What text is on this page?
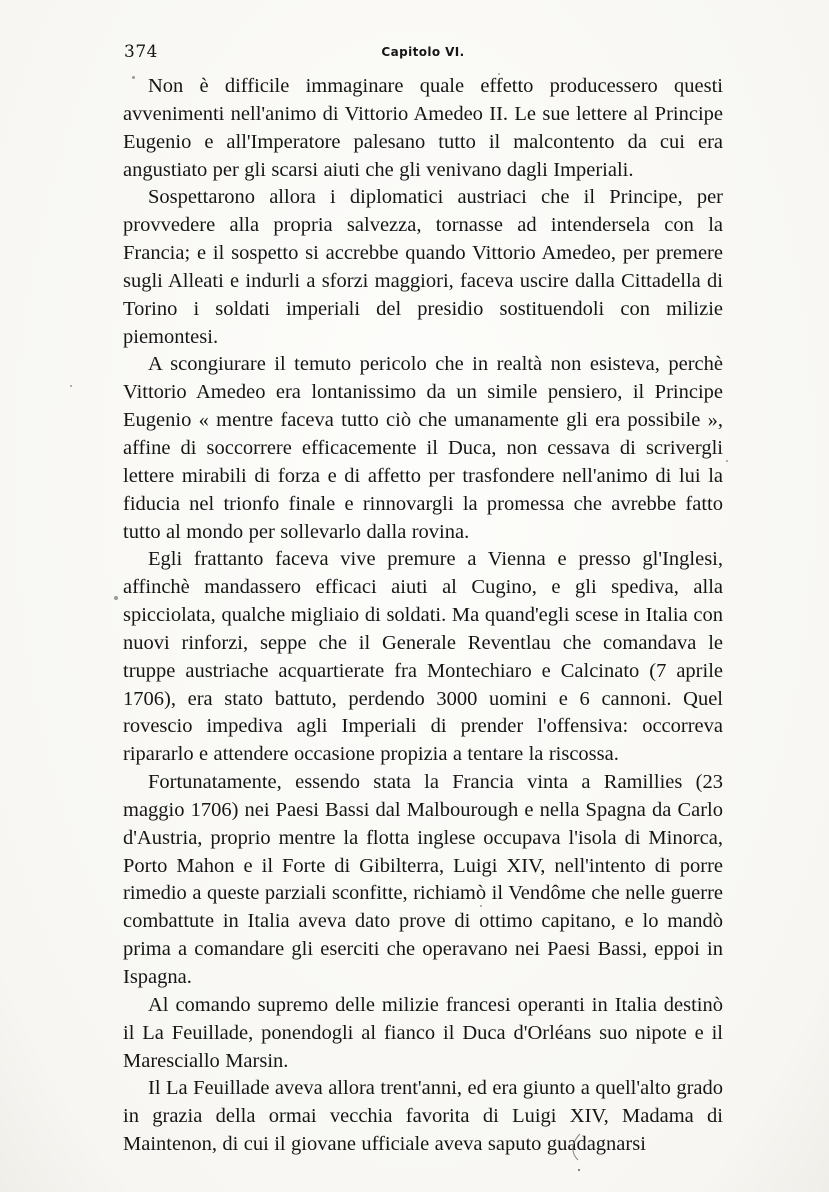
374	Capitolo VI.

Non è difficile immaginare quale effetto producessero questi avvenimenti nell'animo di Vittorio Amedeo II. Le sue lettere al Principe Eugenio e all'Imperatore palesano tutto il malcontento da cui era angustiato per gli scarsi aiuti che gli venivano dagli Imperiali.

Sospettarono allora i diplomatici austriaci che il Principe, per provvedere alla propria salvezza, tornasse ad intendersela con la Francia; e il sospetto si accrebbe quando Vittorio Amedeo, per premere sugli Alleati e indurli a sforzi maggiori, faceva uscire dalla Cittadella di Torino i soldati imperiali del presidio sostituendoli con milizie piemontesi.

A scongiurare il temuto pericolo che in realtà non esisteva, perchè Vittorio Amedeo era lontanissimo da un simile pensiero, il Principe Eugenio « mentre faceva tutto ciò che umanamente gli era possibile », affine di soccorrere efficacemente il Duca, non cessava di scrivergli lettere mirabili di forza e di affetto per trasfondere nell'animo di lui la fiducia nel trionfo finale e rinnovargli la promessa che avrebbe fatto tutto al mondo per sollevarlo dalla rovina.

Egli frattanto faceva vive premure a Vienna e presso gl'Inglesi, affinchè mandassero efficaci aiuti al Cugino, e gli spediva, alla spicciolata, qualche migliaio di soldati. Ma quand'egli scese in Italia con nuovi rinforzi, seppe che il Generale Reventlau che comandava le truppe austriache acquartierate fra Montechiaro e Calcinato (7 aprile 1706), era stato battuto, perdendo 3000 uomini e 6 cannoni. Quel rovescio impediva agli Imperiali di prender l'offensiva: occorreva ripararlo e attendere occasione propizia a tentare la riscossa.

Fortunatamente, essendo stata la Francia vinta a Ramillies (23 maggio 1706) nei Paesi Bassi dal Malbourough e nella Spagna da Carlo d'Austria, proprio mentre la flotta inglese occupava l'isola di Minorca, Porto Mahon e il Forte di Gibilterra, Luigi XIV, nell'intento di porre rimedio a queste parziali sconfitte, richiamò il Vendôme che nelle guerre combattute in Italia aveva dato prove di ottimo capitano, e lo mandò prima a comandare gli eserciti che operavano nei Paesi Bassi, eppoi in Ispagna.

Al comando supremo delle milizie francesi operanti in Italia destinò il La Feuillade, ponendogli al fianco il Duca d'Orléans suo nipote e il Maresciallo Marsin.

Il La Feuillade aveva allora trent'anni, ed era giunto a quell'alto grado in grazia della ormai vecchia favorita di Luigi XIV, Madama di Maintenon, di cui il giovane ufficiale aveva saputo guadagnarsi
